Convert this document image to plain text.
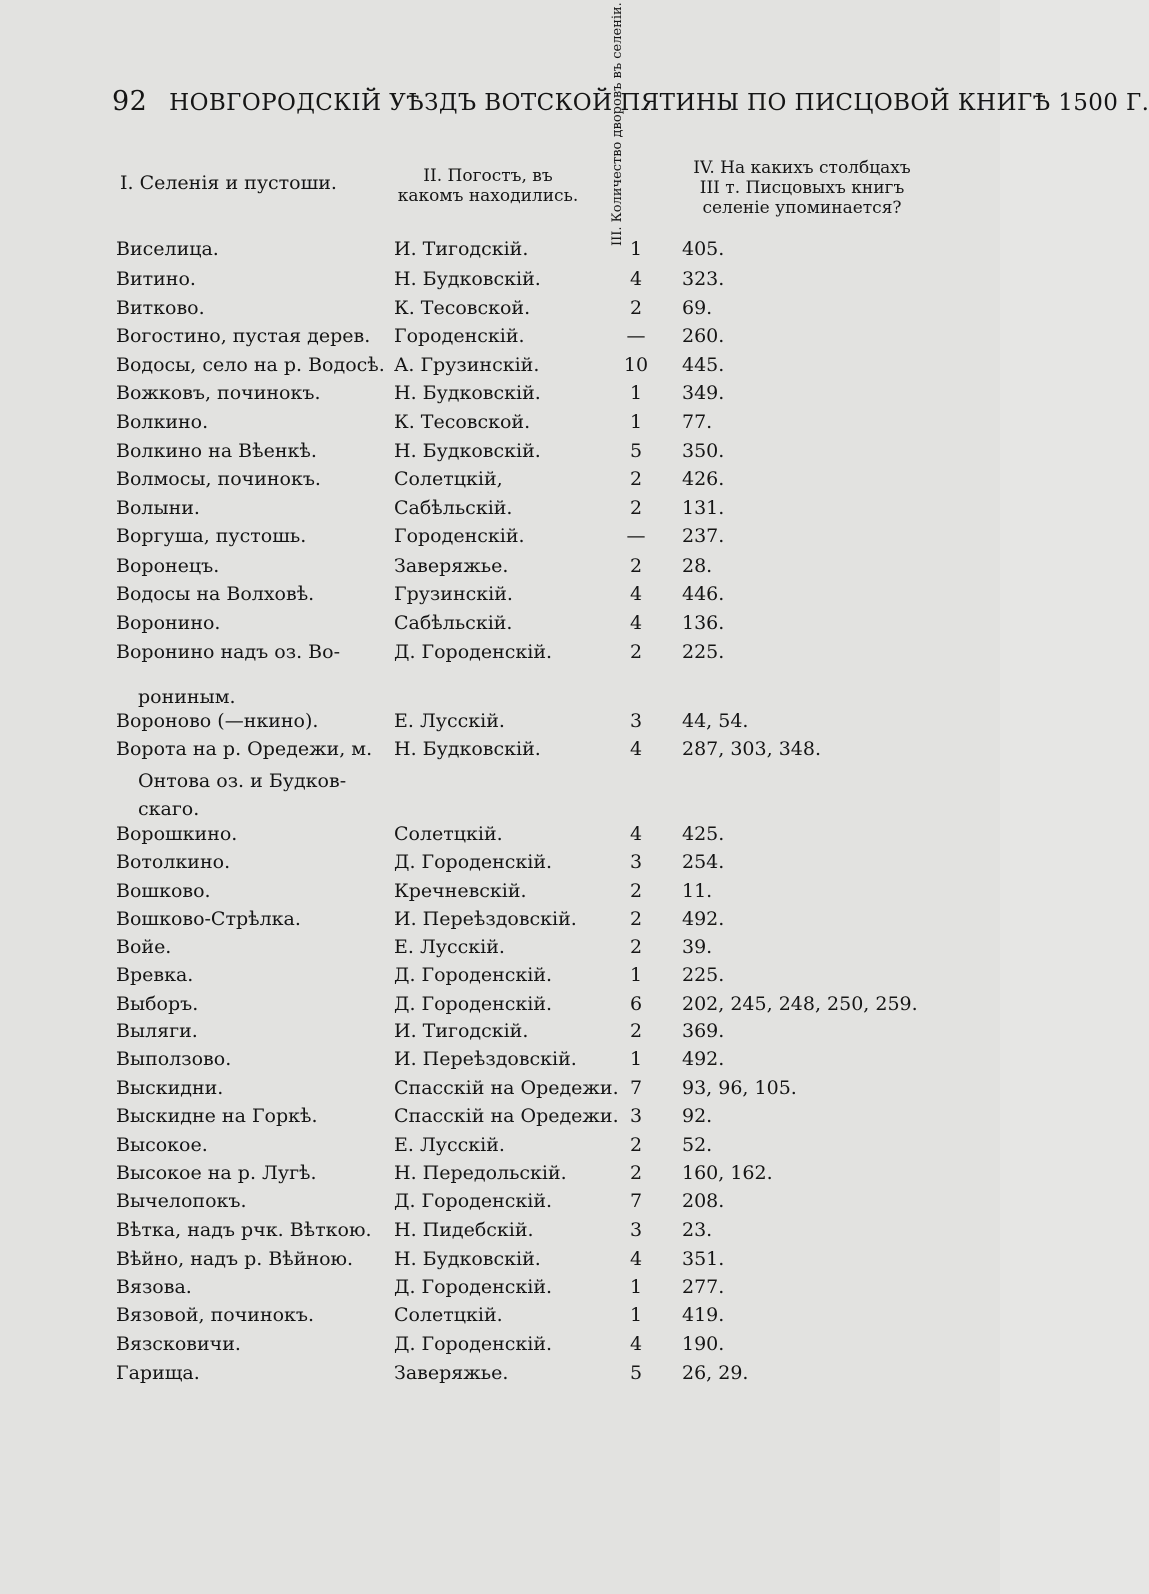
92 НОВГОРОДСКІЙ УѢЗДЪ ВОТСКОЙ ПЯТИНЫ ПО ПИСЦОВОЙ КНИГѢ 1500 Г.
I. Селенія и пустоши.	II. Погостъ, въ какомъ находились.	III. Количество дворовъ въ селеніи.	IV. На какихъ столбцахъ III т. Писцовыхъ книгъ селеніе упоминается?
Виселица.	И. Тигодскій.	1	405.
Витино.	Н. Будковскій.	4	323.
Витково.	К. Тесовской.	2	69.
Вогостино, пустая дерев. Городенскій.	—	260.
Водосы, село на р. Водосѣ. А. Грузинскій.	10	445.
Вожковъ, починокъ.	Н. Будковскій.	1	349.
Волкино.	К. Тесовской.	1	77.
Волкино на Вѣенкѣ.	Н. Будковскій.	5	350.
Волмосы, починокъ.	Солетцкій,	2	426.
Волыни.	Сабѣльскій.	2	131.
Воргуша, пустошь.	Городенскій.	—	237.
Воронецъ.	Заверяжье.	2	28.
Водосы на Волховѣ.	Грузинскій.	4	446.
Воронино.	Сабѣльскій.	4	136.
Воронино надъ оз. Во-	Д. Городенскій.	2	225.
Вороново (—нкино).	Е. Лусскій.	3	44, 54.
Ворота на р. Оредежи, м. Н. Будковскій.	4	287, 303, 348.
Ворошкино.	Солетцкій.	4	425.
Вотолкино.	Д. Городенскій.	3	254.
Вошково.	Кречневскій.	2	11.
Вошково-Стрѣлка.	И. Переѣздовскій.	2	492.
Войе.	Е. Лусскій.	2	39.
Вревка.	Д. Городенскій.	1	225.
Выборъ.	Д. Городенскій.	6	202, 245, 248, 250, 259.
Выляги.	И. Тигодскій.	2	369.
Выползово.	И. Переѣздовскій.	1	492.
Выскидни.	Спасскій на Оредежи. 7	93, 96, 105.
Выскидне на Горкѣ.	Спасскій на Оредежи. 3	92.
Высокое.	Е. Лусскій.	2	52.
Высокое на р. Лугѣ.	Н. Передольскій.	2	160, 162.
Вычелопокъ.	Д. Городенскій.	7	208.
Вѣтка, надъ рчк. Вѣткою. Н. Пидебскій.	3	23.
Вѣйно, надъ р. Вѣйною. Н. Будковскій.	4	351.
Вязова.	Д. Городенскій.	1	277.
Вязовой, починокъ.	Солетцкій.	1	419.
Вязсковичи.	Д. Городенскій.	4	190.
Гарища.	Заверяжье.	5	26, 29.
рониным.
Онтова оз. и Будков-
скаго.
